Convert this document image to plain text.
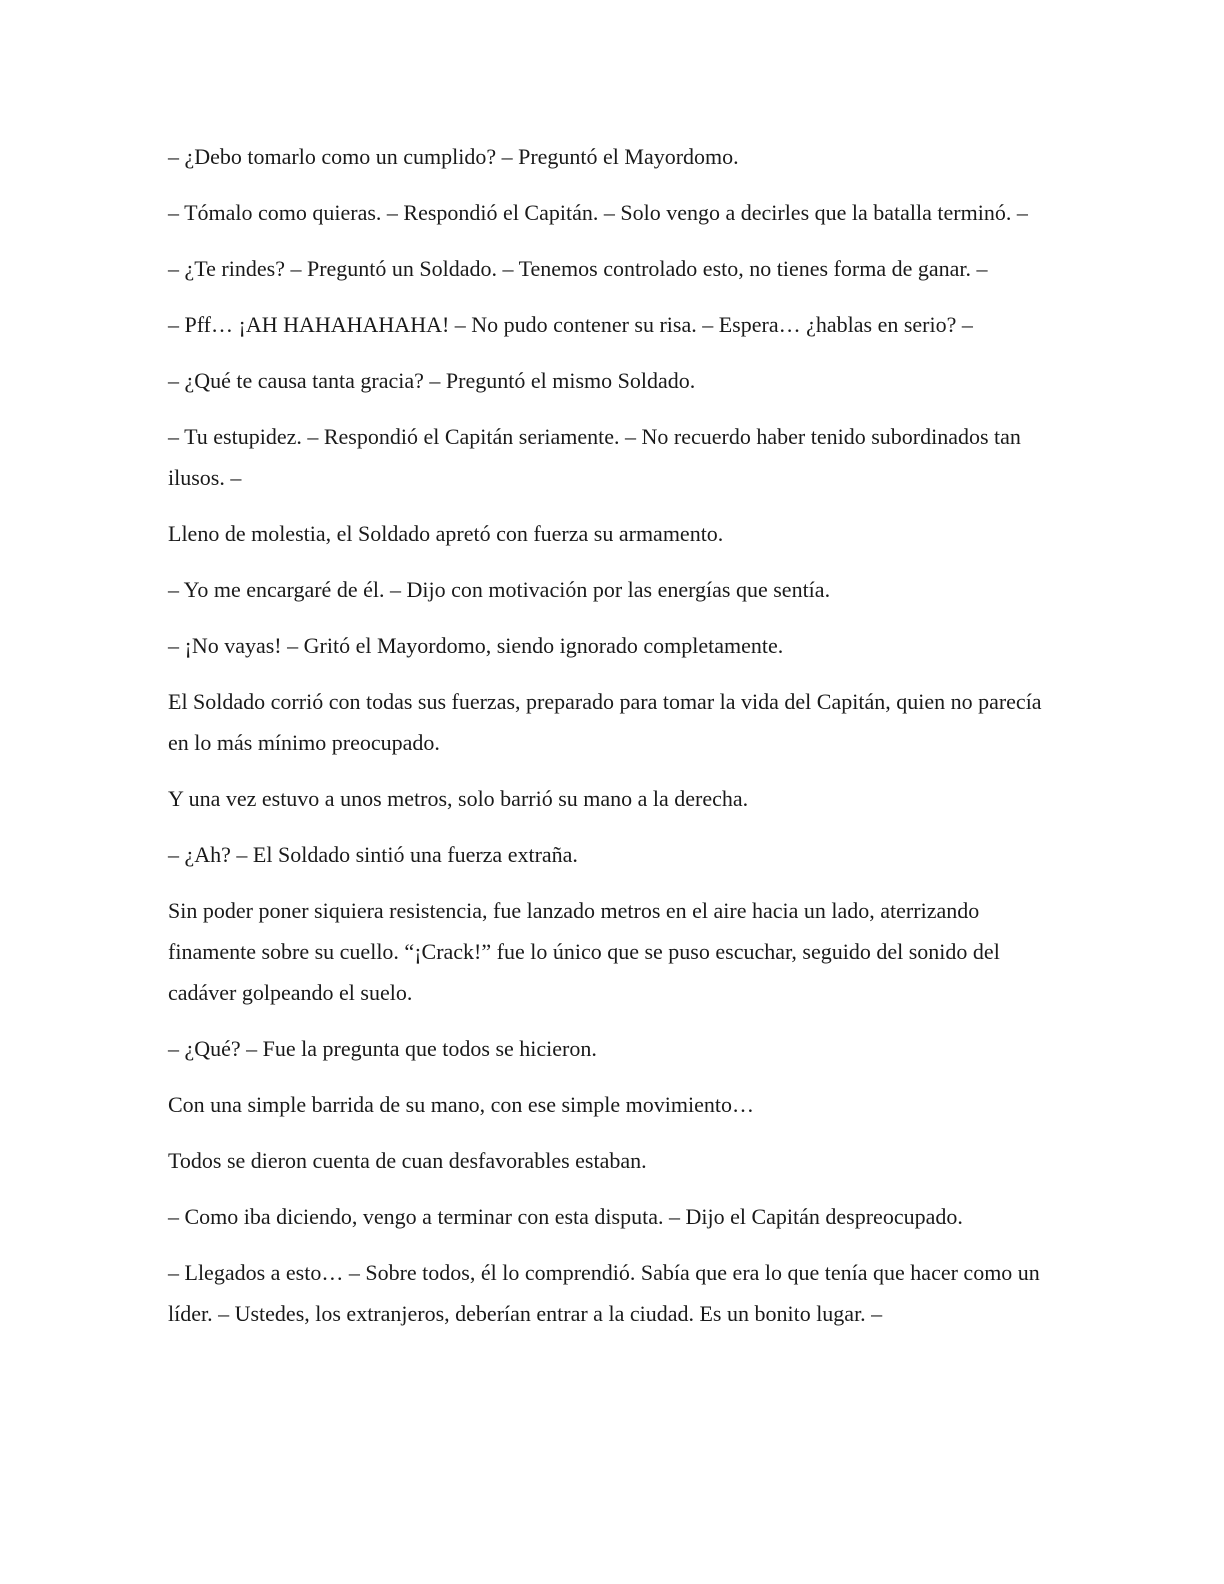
– ¿Debo tomarlo como un cumplido? – Preguntó el Mayordomo.

– Tómalo como quieras. – Respondió el Capitán. – Solo vengo a decirles que la batalla terminó. –

– ¿Te rindes? – Preguntó un Soldado. – Tenemos controlado esto, no tienes forma de ganar. –

– Pff… ¡AH HAHAHAHAHA! – No pudo contener su risa. – Espera… ¿hablas en serio? –

– ¿Qué te causa tanta gracia? – Preguntó el mismo Soldado.

– Tu estupidez. – Respondió el Capitán seriamente. – No recuerdo haber tenido subordinados tan ilusos. –

Lleno de molestia, el Soldado apretó con fuerza su armamento.

– Yo me encargaré de él. – Dijo con motivación por las energías que sentía.

– ¡No vayas! – Gritó el Mayordomo, siendo ignorado completamente.

El Soldado corrió con todas sus fuerzas, preparado para tomar la vida del Capitán, quien no parecía en lo más mínimo preocupado.

Y una vez estuvo a unos metros, solo barrió su mano a la derecha.

– ¿Ah? – El Soldado sintió una fuerza extraña.

Sin poder poner siquiera resistencia, fue lanzado metros en el aire hacia un lado, aterrizando finamente sobre su cuello. “¡Crack!” fue lo único que se puso escuchar, seguido del sonido del cadáver golpeando el suelo.

– ¿Qué? – Fue la pregunta que todos se hicieron.

Con una simple barrida de su mano, con ese simple movimiento…

Todos se dieron cuenta de cuan desfavorables estaban.

– Como iba diciendo, vengo a terminar con esta disputa. – Dijo el Capitán despreocupado.

– Llegados a esto… – Sobre todos, él lo comprendió. Sabía que era lo que tenía que hacer como un líder. – Ustedes, los extranjeros, deberían entrar a la ciudad. Es un bonito lugar. –
